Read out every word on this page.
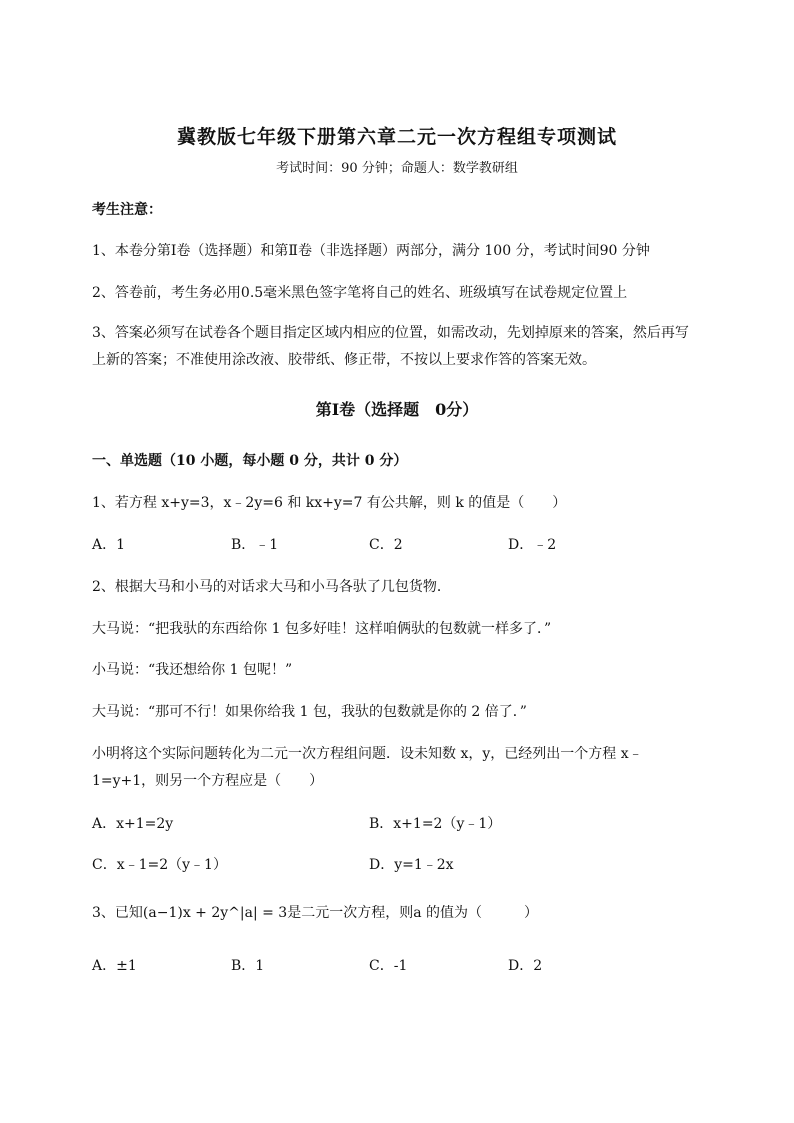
冀教版七年级下册第六章二元一次方程组专项测试
考试时间：90 分钟；命题人：数学教研组
考生注意：
1、本卷分第Ⅰ卷（选择题）和第Ⅱ卷（非选择题）两部分，满分 100 分，考试时间90 分钟
2、答卷前，考生务必用0.5毫米黑色签字笔将自己的姓名、班级填写在试卷规定位置上
3、答案必须写在试卷各个题目指定区域内相应的位置，如需改动，先划掉原来的答案，然后再写上新的答案；不准使用涂改液、胶带纸、修正带，不按以上要求作答的答案无效。
第Ⅰ卷（选择题　0分）
一、单选题（10 小题，每小题 0 分，共计 0 分）
1、若方程 x+y=3，x﹣2y=6 和 kx+y=7 有公共解，则 k 的值是（　　）
A．1	B．﹣1	C．2	D．﹣2
2、根据大马和小马的对话求大马和小马各驮了几包货物．
大马说：“把我驮的东西给你 1 包多好哇！这样咱俩驮的包数就一样多了．”
小马说：“我还想给你 1 包呢！”
大马说：“那可不行！如果你给我 1 包，我驮的包数就是你的 2 倍了．”
小明将这个实际问题转化为二元一次方程组问题．设未知数 x，y，已经列出一个方程 x﹣1=y+1，则另一个方程应是（　　）
A．x+1=2y	B．x+1=2（y﹣1）
C．x﹣1=2（y﹣1）	D．y=1﹣2x
3、已知(a−1)x + 2y^|a| = 3是二元一次方程，则a 的值为（　　　）
A．±1	B．1	C．-1	D．2
